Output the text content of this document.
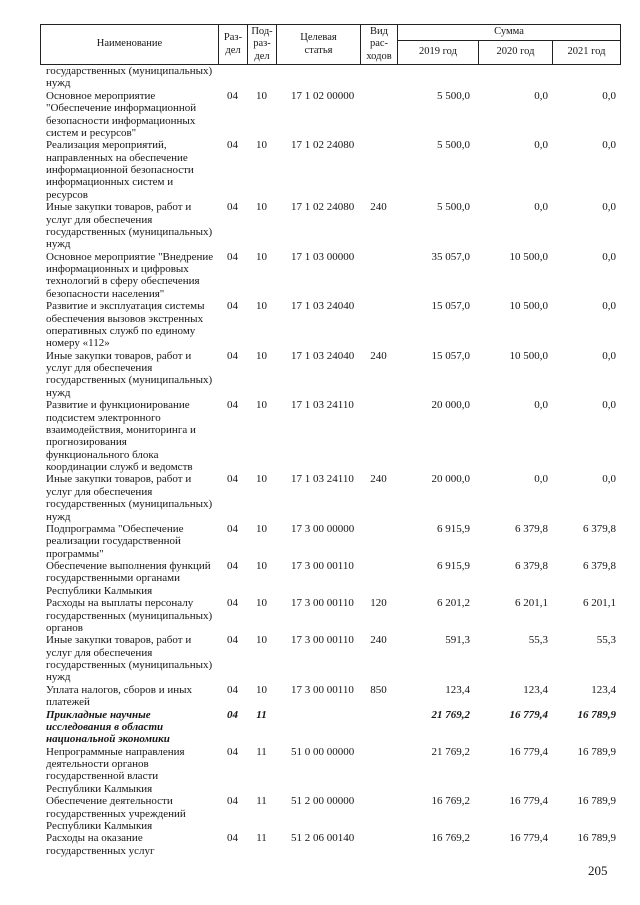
Наименование
Раз-
дел
Под-
раз-
дел
Целевая
статья
Вид
рас-
ходов
Сумма
2019 год	2020 год	2021 год
государственных (муниципальных)
нужд
Основное мероприятие
"Обеспечение информационной
безопасности информационных
систем и ресурсов"
04	10	17 1 02 00000	5 500,0	0,0	0,0
Реализация мероприятий,
направленных на обеспечение
информационной безопасности
информационных систем и
ресурсов
04	10	17 1 02 24080	5 500,0	0,0	0,0
Иные закупки товаров, работ и
услуг для обеспечения
государственных (муниципальных)
нужд
04	10	17 1 02 24080	240	5 500,0	0,0	0,0
Основное мероприятие "Внедрение
информационных и цифровых
технологий в сферу обеспечения
безопасности населения"
04	10	17 1 03 00000	35 057,0	10 500,0	0,0
Развитие и эксплуатация системы
обеспечения вызовов экстренных
оперативных служб по единому
номеру «112»
04	10	17 1 03 24040	15 057,0	10 500,0	0,0
Иные закупки товаров, работ и
услуг для обеспечения
государственных (муниципальных)
нужд
04	10	17 1 03 24040	240	15 057,0	10 500,0	0,0
Развитие и функционирование
подсистем электронного
взаимодействия, мониторинга и
прогнозирования
функционального блока
координации служб и ведомств
04	10	17 1 03 24110	20 000,0	0,0	0,0
Иные закупки товаров, работ и
услуг для обеспечения
государственных (муниципальных)
нужд
04	10	17 1 03 24110	240	20 000,0	0,0	0,0
Подпрограмма "Обеспечение
реализации государственной
программы"
04	10	17 3 00 00000	6 915,9	6 379,8	6 379,8
Обеспечение выполнения функций
государственными органами
Республики Калмыкия
04	10	17 3 00 00110	6 915,9	6 379,8	6 379,8
Расходы на выплаты персоналу
государственных (муниципальных)
органов
04	10	17 3 00 00110	120	6 201,2	6 201,1	6 201,1
Иные закупки товаров, работ и
услуг для обеспечения
государственных (муниципальных)
нужд
04	10	17 3 00 00110	240	591,3	55,3	55,3
Уплата налогов, сборов и иных
платежей
04	10	17 3 00 00110	850	123,4	123,4	123,4
Прикладные научные
исследования в области
национальной экономики
04	11	21 769,2	16 779,4	16 789,9
Непрограммные направления
деятельности органов
государственной власти
Республики Калмыкия
04	11	51 0 00 00000	21 769,2	16 779,4	16 789,9
Обеспечение деятельности
государственных учреждений
Республики Калмыкия
04	11	51 2 00 00000	16 769,2	16 779,4	16 789,9
Расходы на оказание
государственных услуг
04	11	51 2 06 00140	16 769,2	16 779,4	16 789,9
205
